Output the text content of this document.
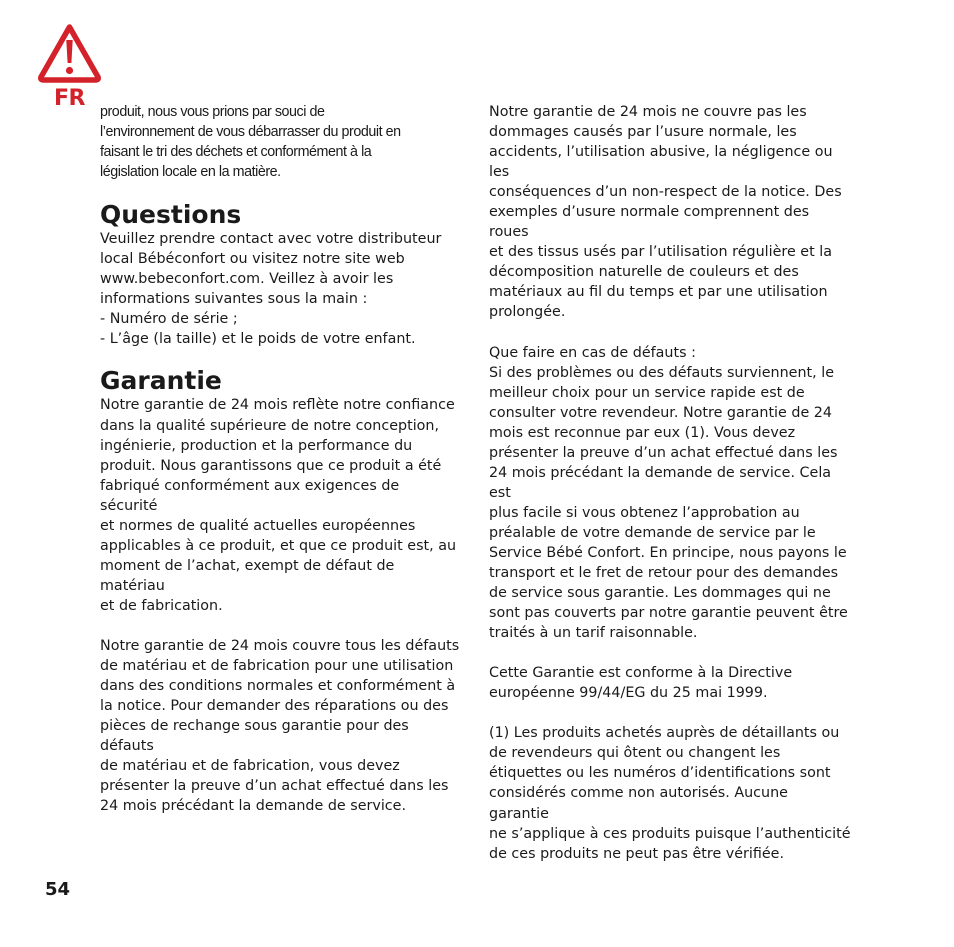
FR

produit, nous vous prions par souci de
l’environnement de vous débarrasser du produit en
faisant le tri des déchets et conformément à la
législation locale en la matière.

Questions

Veuillez prendre contact avec votre distributeur
local Bébéconfort ou visitez notre site web
www.bebeconfort.com. Veillez à avoir les
informations suivantes sous la main :

- Numéro de série ;

- L’âge (la taille) et le poids de votre enfant.

Garantie

Notre garantie de 24 mois reflète notre confiance
dans la qualité supérieure de notre conception,
ingénierie, production et la performance du
produit. Nous garantissons que ce produit a été
fabriqué conformément aux exigences de sécurité
et normes de qualité actuelles européennes
applicables à ce produit, et que ce produit est, au
moment de l’achat, exempt de défaut de matériau
et de fabrication.

Notre garantie de 24 mois couvre tous les défauts
de matériau et de fabrication pour une utilisation
dans des conditions normales et conformément à
la notice. Pour demander des réparations ou des
pièces de rechange sous garantie pour des défauts
de matériau et de fabrication, vous devez
présenter la preuve d’un achat effectué dans les
24 mois précédant la demande de service.

Notre garantie de 24 mois ne couvre pas les
dommages causés par l’usure normale, les
accidents, l’utilisation abusive, la négligence ou les
conséquences d’un non-respect de la notice. Des
exemples d’usure normale comprennent des roues
et des tissus usés par l’utilisation régulière et la
décomposition naturelle de couleurs et des
matériaux au fil du temps et par une utilisation
prolongée.

Que faire en cas de défauts :
Si des problèmes ou des défauts surviennent, le
meilleur choix pour un service rapide est de
consulter votre revendeur. Notre garantie de 24
mois est reconnue par eux (1). Vous devez
présenter la preuve d’un achat effectué dans les
24 mois précédant la demande de service. Cela est
plus facile si vous obtenez l’approbation au
préalable de votre demande de service par le
Service Bébé Confort. En principe, nous payons le
transport et le fret de retour pour des demandes
de service sous garantie. Les dommages qui ne
sont pas couverts par notre garantie peuvent être
traités à un tarif raisonnable.

Cette Garantie est conforme à la Directive
européenne 99/44/EG du 25 mai 1999.

(1) Les produits achetés auprès de détaillants ou
de revendeurs qui ôtent ou changent les
étiquettes ou les numéros d’identifications sont
considérés comme non autorisés. Aucune garantie
ne s’applique à ces produits puisque l’authenticité
de ces produits ne peut pas être vérifiée.

54
